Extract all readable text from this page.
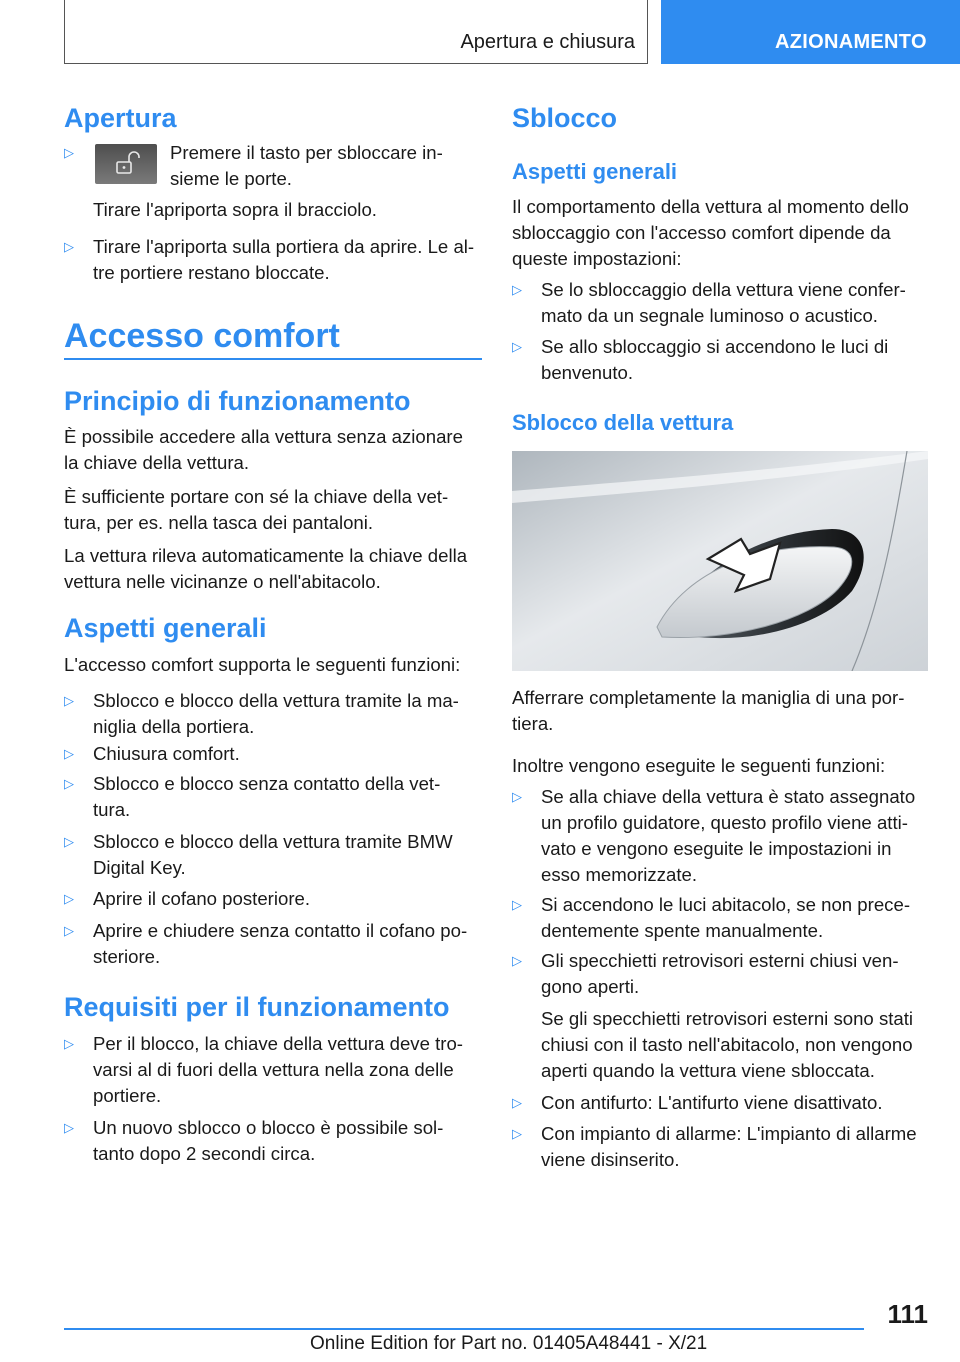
Apertura e chiusura	AZIONAMENTO
Apertura
▷	Premere il tasto per sbloccare in-

sieme le porte.

Tirare l'apriporta sopra il bracciolo.

▷ Tirare l'apriporta sulla portiera da aprire. Le al-

tre portiere restano bloccate.

Accesso comfort
Principio di funzionamento

È possibile accedere alla vettura senza azionare

la chiave della vettura.

È sufficiente portare con sé la chiave della vet-

tura, per es. nella tasca dei pantaloni.

La vettura rileva automaticamente la chiave della

vettura nelle vicinanze o nell'abitacolo.

Aspetti generali

L'accesso comfort supporta le seguenti funzioni:

▷ Sblocco e blocco della vettura tramite la ma-

niglia della portiera.

▷ Chiusura comfort.

▷ Sblocco e blocco senza contatto della vet-

tura.

▷ Sblocco e blocco della vettura tramite BMW

Digital Key.

▷ Aprire il cofano posteriore.

▷ Aprire e chiudere senza contatto il cofano po-

steriore.

Requisiti per il funzionamento
▷ Per il blocco, la chiave della vettura deve tro-

varsi al di fuori della vettura nella zona delle

portiere.

▷ Un nuovo sblocco o blocco è possibile sol-

tanto dopo 2 secondi circa.

Sblocco
Aspetti generali

Il comportamento della vettura al momento dello

sbloccaggio con l'accesso comfort dipende da

queste impostazioni:

▷ Se lo sbloccaggio della vettura viene confer-

mato da un segnale luminoso o acustico.

▷ Se allo sbloccaggio si accendono le luci di

benvenuto.

Sblocco della vettura

Afferrare completamente la maniglia di una por-

tiera.

Inoltre vengono eseguite le seguenti funzioni:

▷ Se alla chiave della vettura è stato assegnato

un profilo guidatore, questo profilo viene atti-

vato e vengono eseguite le impostazioni in

esso memorizzate.

▷ Si accendono le luci abitacolo, se non prece-

dentemente spente manualmente.

▷ Gli specchietti retrovisori esterni chiusi ven-

gono aperti.

Se gli specchietti retrovisori esterni sono stati

chiusi con il tasto nell'abitacolo, non vengono

aperti quando la vettura viene sbloccata.

▷ Con antifurto: L'antifurto viene disattivato.

▷ Con impianto di allarme: L'impianto di allarme

viene disinserito.

111
Online Edition for Part no. 01405A48441 - X/21
